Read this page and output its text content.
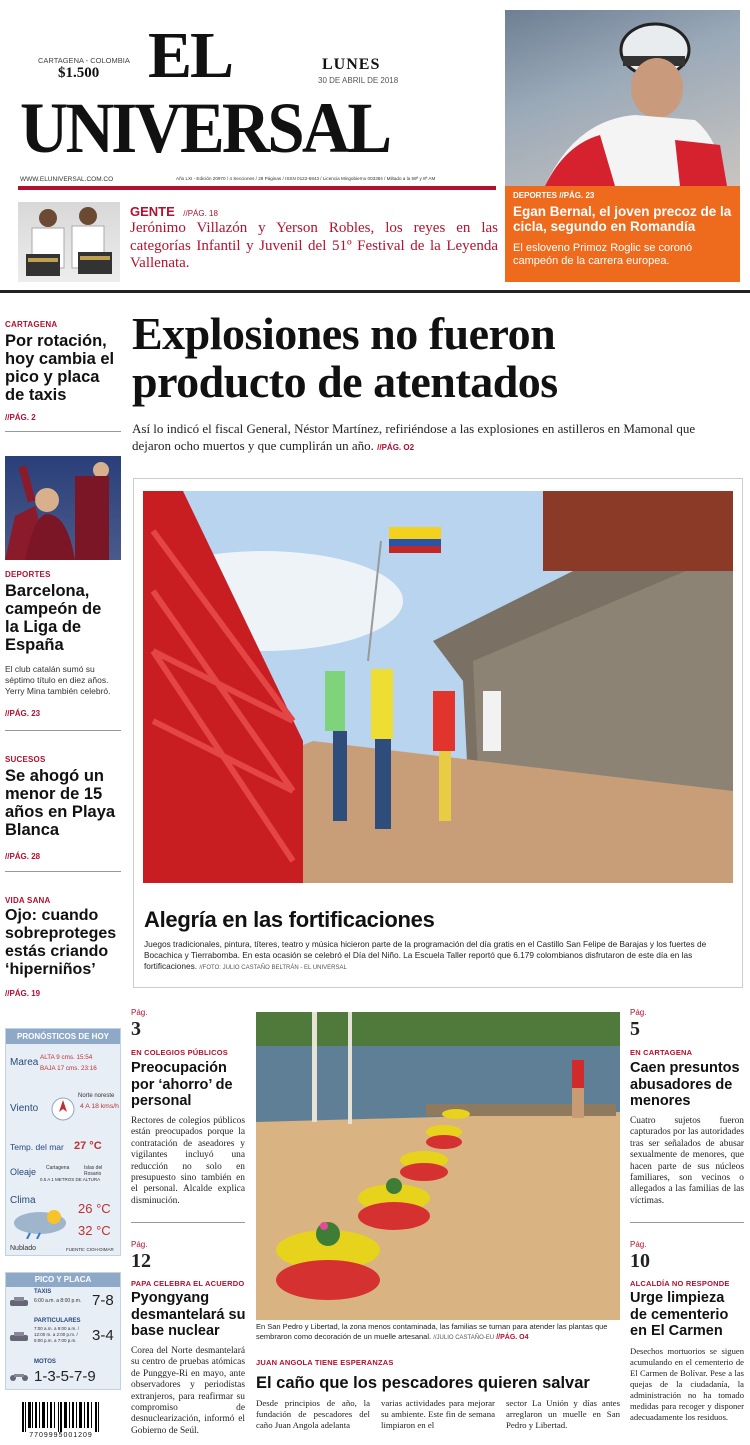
CARTAGENA - COLOMBIA
$1.500 EL
UNIVERSAL
LUNES
30 DE ABRIL DE 2018
WWW.ELUNIVERSAL.COM.CO	Año LXI - Edición 20970 / 4 Secciones / 28 Páginas / ISSN 0122-6843 / Licencia Mingobierno 003384 / Miltado a la 59ª y 8ª AM
DEPORTES //PÁG. 23
Egan Bernal, el joven precoz de la cicla, segundo en Romandía
El esloveno Primoz Roglic se coronó campeón de la carrera europea.
GENTE //PÁG. 18
Jerónimo Villazón y Yerson Robles, los reyes en las categorías Infantil y Juvenil del 51º Festival de la Leyenda Vallenata.
CARTAGENA
Por rotación, hoy cambia el pico y placa de taxis
//PÁG. 2
DEPORTES
Barcelona, campeón de la Liga de España
El club catalán sumó su séptimo título en diez años. Yerry Mina también celebró.
//PÁG. 23
SUCESOS
Se ahogó un menor de 15 años en Playa Blanca
//PÁG. 28
VIDA SANA
Ojo: cuando sobreproteges estás criando ‘hiperniños’
//PÁG. 19
Explosiones no fueron producto de atentados
Así lo indicó el fiscal General, Néstor Martínez, refiriéndose a las explosiones en astilleros en Mamonal que dejaron ocho muertos y que cumplirán un año. //PÁG. O2
Alegría en las fortificaciones
Juegos tradicionales, pintura, títeres, teatro y música hicieron parte de la programación del día gratis en el Castillo San Felipe de Barajas y los fuertes de Bocachica y Tierrabomba. En esta ocasión se celebró el Día del Niño. La Escuela Taller reportó que 6.179 colombianos disfrutaron de este día en las fortificaciones. //FOTO: JULIO CASTAÑO BELTRÁN - EL UNIVERSAL
PRONÓSTICOS DE HOY
Marea ALTA 9 cms. 15:54
BAJA 17 cms. 23:16
Viento
Norte noreste
4 A 18 kms/h
Temp. del mar 27 °C
Oleaje Cartagena	Islas del Rosario
0.5 A 1 METROS DE ALTURA
Clima
26 °C
32 °C
Nublado	FUENTE: CIOH-DIMAR
PICO Y PLACA
TAXIS
6:00 a.m. a 8:00 p.m. 7-8
PARTICULARES
7:00 a.m. a 9:00 a.m. / 12:00 m. a 2:00 p.m. / 5:00 p.m. a 7:00 p.m.	3-4
MOTOS
1-3-5-7-9
7709995001209
Pág.
3
EN COLEGIOS PÚBLICOS
Preocupación por ‘ahorro’ de personal
Rectores de colegios públicos están preocupados porque la contratación de aseadores y vigilantes incluyó una reducción no solo en presupuesto sino también en el personal. Alcalde explica disminución.
Pág.
12
PAPA CELEBRA EL ACUERDO
Pyongyang desmantelará su base nuclear
Corea del Norte desmantelará su centro de pruebas atómicas de Punggye-Ri en mayo, ante observadores y periodistas extranjeros, para reafirmar su compromiso de desnuclearización, informó el Gobierno de Seúl.
En San Pedro y Libertad, la zona menos contaminada, las familias se turnan para atender las plantas que sembraron como decoración de un muelle artesanal. //JULIO CASTAÑO-EU //PÁG. O4
JUAN ANGOLA TIENE ESPERANZAS
El caño que los pescadores quieren salvar
Desde principios de año, la fundación de pescadores del caño Juan Angola adelanta
varias actividades para mejorar su ambiente. Este fin de semana limpiaron en el
sector La Unión y días antes arreglaron un muelle en San Pedro y Libertad.
Pág.
5
EN CARTAGENA
Caen presuntos abusadores de menores
Cuatro sujetos fueron capturados por las autoridades tras ser señalados de abusar sexualmente de menores, que hacen parte de sus núcleos familiares, son vecinos o allegados a las familias de las víctimas.
Pág.
10
ALCALDÍA NO RESPONDE
Urge limpieza de cementerio en El Carmen
Desechos mortuorios se siguen acumulando en el cementerio de El Carmen de Bolívar. Pese a las quejas de la ciudadanía, la administración no ha tomado medidas para recoger y disponer adecuadamente los residuos.
